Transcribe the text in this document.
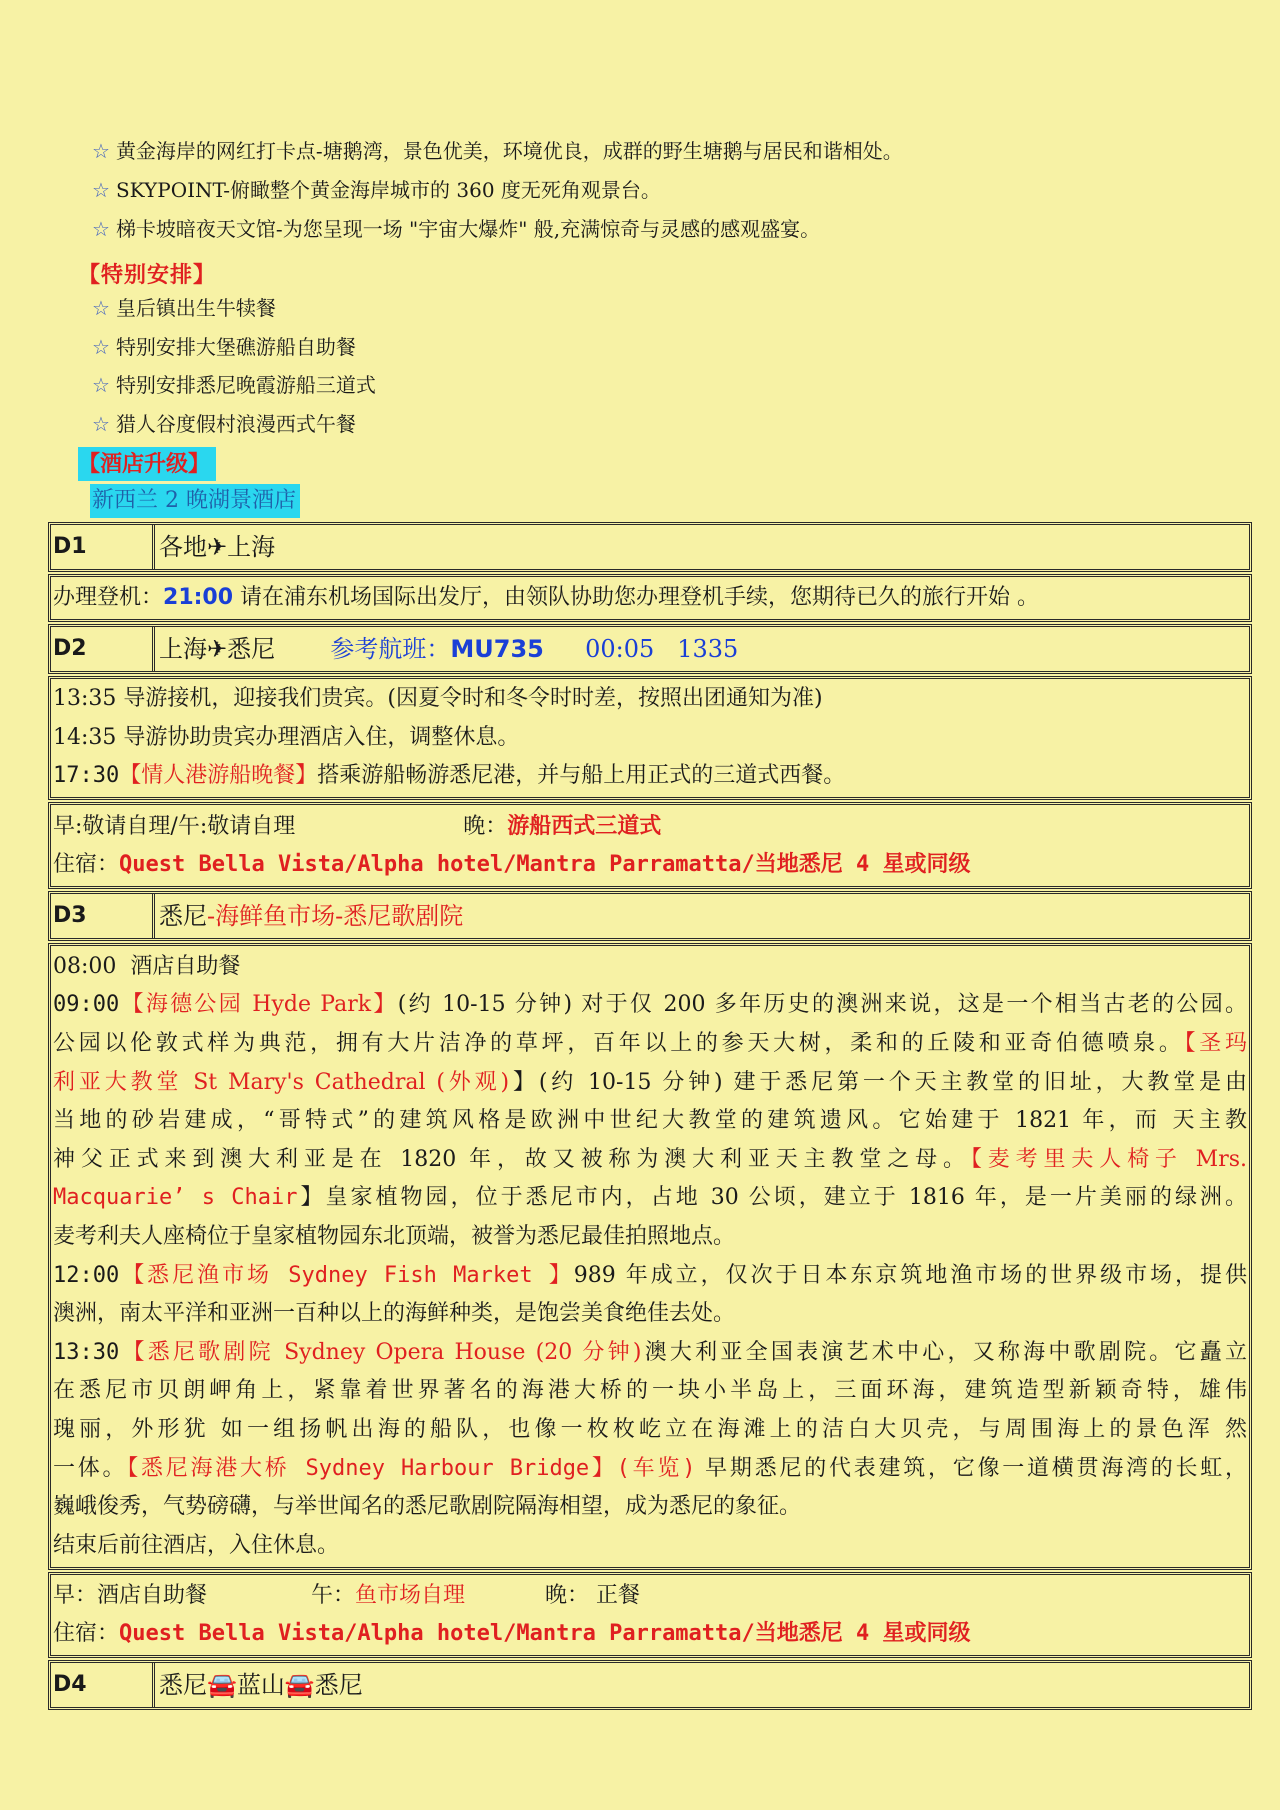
☆ 黄金海岸的网红打卡点-塘鹅湾，景色优美，环境优良，成群的野生塘鹅与居民和谐相处。
☆ SKYPOINT-俯瞰整个黄金海岸城市的 360 度无死角观景台。
☆ 梯卡坡暗夜天文馆-为您呈现一场 "宇宙大爆炸" 般,充满惊奇与灵感的感观盛宴。
【特别安排】
☆ 皇后镇出生牛犊餐
☆ 特别安排大堡礁游船自助餐
☆ 特别安排悉尼晚霞游船三道式
☆ 猎人谷度假村浪漫西式午餐
【酒店升级】
新西兰 2 晚湖景酒店
D1	各地✈上海
办理登机：21:00 请在浦东机场国际出发厅，由领队协助您办理登机手续，您期待已久的旅行开始 。
D2	上海✈悉尼 参考航班：MU735 00:05   1335
13:35 导游接机，迎接我们贵宾。(因夏令时和冬令时时差，按照出团通知为准)
14:35 导游协助贵宾办理酒店入住，调整休息。
17:30【情人港游船晚餐】搭乘游船畅游悉尼港，并与船上用正式的三道式西餐。
早:敬请自理/午:敬请自理	晚：游船西式三道式
住宿：Quest Bella Vista/Alpha hotel/Mantra Parramatta/当地悉尼 4 星或同级
D3	悉尼-海鲜鱼市场-悉尼歌剧院
08:00  酒店自助餐
09:00【海德公园 Hyde Park】(约 10-15 分钟) 对于仅 200 多年历史的澳洲来说，这是一个相当古老的公园。
公园以伦敦式样为典范，拥有大片洁净的草坪，百年以上的参天大树，柔和的丘陵和亚奇伯德喷泉。【圣玛
利亚大教堂 St Mary's Cathedral (外观)】(约 10-15 分钟) 建于悉尼第一个天主教堂的旧址，大教堂是由
当地的砂岩建成，“哥特式”的建筑风格是欧洲中世纪大教堂的建筑遗风。它始建于 1821 年，而 天主教
神父正式来到澳大利亚是在 1820 年，故又被称为澳大利亚天主教堂之母。【麦考里夫人椅子 Mrs.
Macquarie’ s Chair】皇家植物园，位于悉尼市内，占地 30 公顷，建立于 1816 年，是一片美丽的绿洲。
麦考利夫人座椅位于皇家植物园东北顶端，被誉为悉尼最佳拍照地点。
12:00【悉尼渔市场 Sydney Fish Market 】989 年成立，仅次于日本东京筑地渔市场的世界级市场，提供
澳洲，南太平洋和亚洲一百种以上的海鲜种类，是饱尝美食绝佳去处。
13:30【悉尼歌剧院 Sydney Opera House (20 分钟)澳大利亚全国表演艺术中心，又称海中歌剧院。它矗立
在悉尼市贝朗岬角上，紧靠着世界著名的海港大桥的一块小半岛上，三面环海，建筑造型新颖奇特，雄伟
瑰丽，外形犹 如一组扬帆出海的船队，也像一枚枚屹立在海滩上的洁白大贝壳，与周围海上的景色浑 然
一体。【悉尼海港大桥 Sydney Harbour Bridge】(车览) 早期悉尼的代表建筑，它像一道横贯海湾的长虹，
巍峨俊秀，气势磅礴，与举世闻名的悉尼歌剧院隔海相望，成为悉尼的象征。
结束后前往酒店，入住休息。
早：酒店自助餐	午：鱼市场自理	晚： 正餐
住宿：Quest Bella Vista/Alpha hotel/Mantra Parramatta/当地悉尼 4 星或同级
D4	悉尼🚘蓝山🚘悉尼
